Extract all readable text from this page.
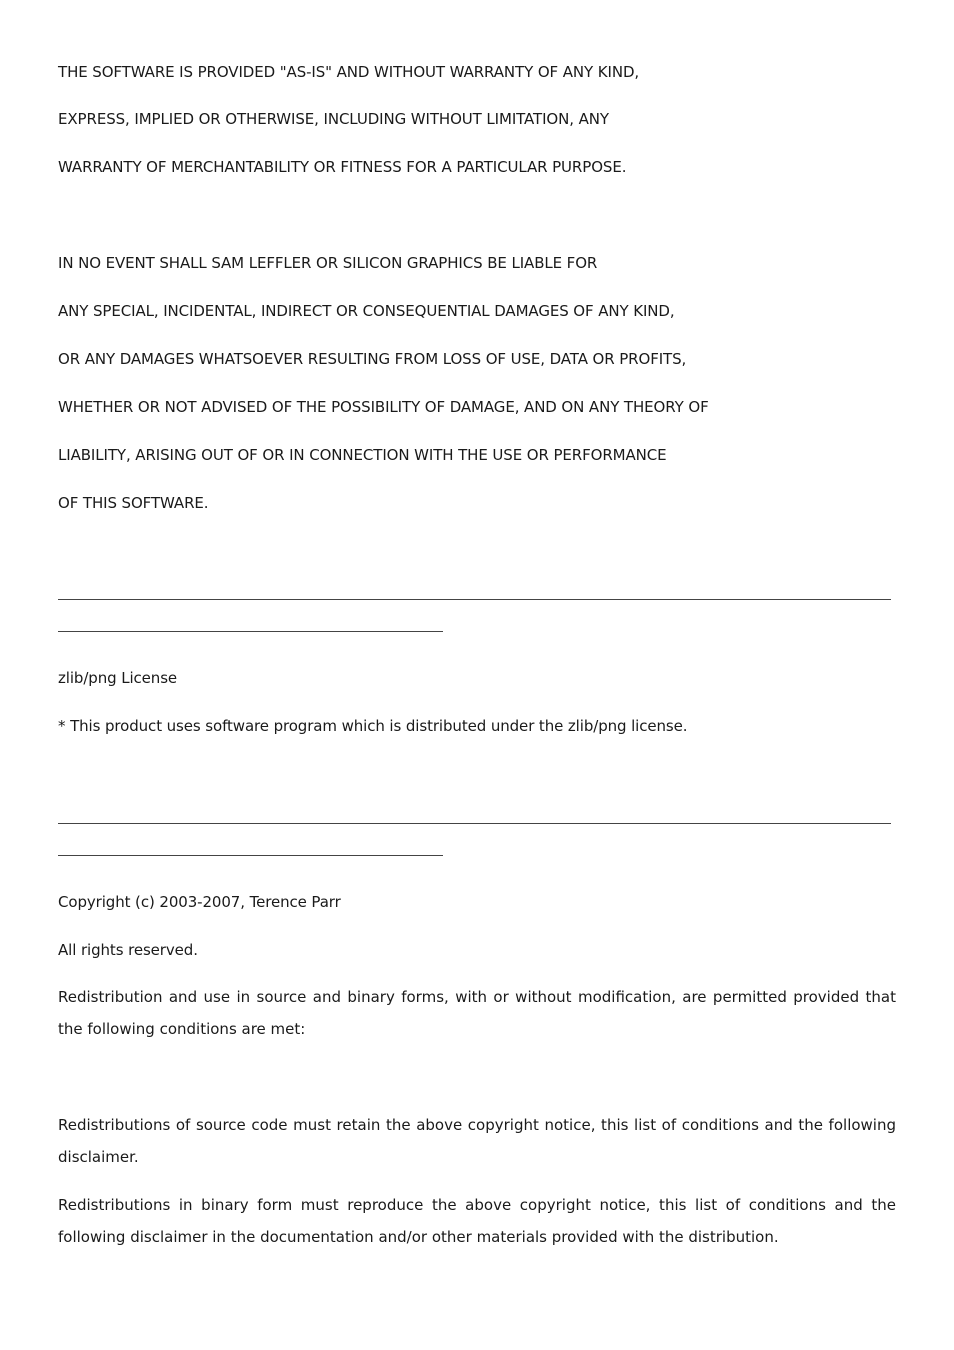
THE SOFTWARE IS PROVIDED "AS-IS" AND WITHOUT WARRANTY OF ANY KIND,
EXPRESS, IMPLIED OR OTHERWISE, INCLUDING WITHOUT LIMITATION, ANY
WARRANTY OF MERCHANTABILITY OR FITNESS FOR A PARTICULAR PURPOSE.
IN NO EVENT SHALL SAM LEFFLER OR SILICON GRAPHICS BE LIABLE FOR
ANY SPECIAL, INCIDENTAL, INDIRECT OR CONSEQUENTIAL DAMAGES OF ANY KIND,
OR ANY DAMAGES WHATSOEVER RESULTING FROM LOSS OF USE, DATA OR PROFITS,
WHETHER OR NOT ADVISED OF THE POSSIBILITY OF DAMAGE, AND ON ANY THEORY OF
LIABILITY, ARISING OUT OF OR IN CONNECTION WITH THE USE OR PERFORMANCE
OF THIS SOFTWARE.
zlib/png License
* This product uses software program which is distributed under the zlib/png license.
Copyright (c) 2003-2007, Terence Parr
All rights reserved.
Redistribution and use in source and binary forms, with or without modification, are permitted provided that the following conditions are met:
Redistributions of source code must retain the above copyright notice, this list of conditions and the following disclaimer.
Redistributions in binary form must reproduce the above copyright notice, this list of conditions and the following disclaimer in the documentation and/or other materials provided with the distribution.
